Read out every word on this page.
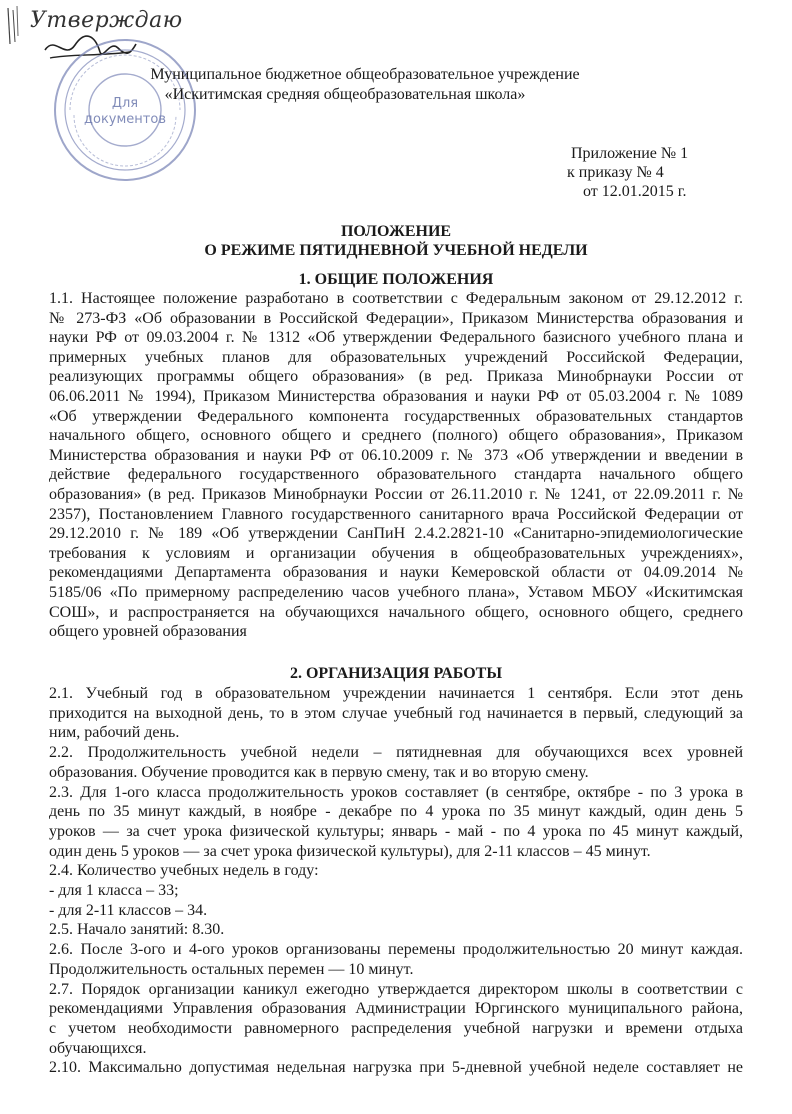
Утверждаю
Для
документов
Муниципальное бюджетное общеобразовательное учреждение
«Искитимская средняя общеобразовательная школа»
Приложение № 1
к приказу № 4
от 12.01.2015 г.
ПОЛОЖЕНИЕ
О РЕЖИМЕ ПЯТИДНЕВНОЙ УЧЕБНОЙ НЕДЕЛИ
1. ОБЩИЕ ПОЛОЖЕНИЯ
1.1. Настоящее положение разработано в соответствии с Федеральным законом от 29.12.2012 г.
№ 273-ФЗ «Об образовании в Российской Федерации», Приказом Министерства образования и
науки РФ от 09.03.2004 г. № 1312 «Об утверждении Федерального базисного учебного плана и
примерных учебных планов для образовательных учреждений Российской Федерации,
реализующих программы общего образования» (в ред. Приказа Минобрнауки России от
06.06.2011 № 1994), Приказом Министерства образования и науки РФ от 05.03.2004 г. № 1089
«Об утверждении Федерального компонента государственных образовательных стандартов
начального общего, основного общего и среднего (полного) общего образования», Приказом
Министерства образования и науки РФ от 06.10.2009 г. № 373 «Об утверждении и введении в
действие федерального государственного образовательного стандарта начального общего
образования» (в ред. Приказов Минобрнауки России от 26.11.2010 г. № 1241, от 22.09.2011 г. №
2357), Постановлением Главного государственного санитарного врача Российской Федерации от
29.12.2010 г. № 189 «Об утверждении СанПиН 2.4.2.2821-10 «Санитарно-эпидемиологические
требования к условиям и организации обучения в общеобразовательных учреждениях»,
рекомендациями Департамента образования и науки Кемеровской области от 04.09.2014 №
5185/06 «По примерному распределению часов учебного плана», Уставом МБОУ «Искитимская
СОШ», и распространяется на обучающихся начального общего, основного общего, среднего
общего уровней образования
2. ОРГАНИЗАЦИЯ РАБОТЫ
2.1. Учебный год в образовательном учреждении начинается 1 сентября. Если этот день
приходится на выходной день, то в этом случае учебный год начинается в первый, следующий за
ним, рабочий день.
2.2. Продолжительность учебной недели – пятидневная для обучающихся всех уровней
образования. Обучение проводится как в первую смену, так и во вторую смену.
2.3. Для 1-ого класса продолжительность уроков составляет (в сентябре, октябре - по 3 урока в
день по 35 минут каждый, в ноябре - декабре по 4 урока по 35 минут каждый, один день 5
уроков — за счет урока физической культуры; январь - май - по 4 урока по 45 минут каждый,
один день 5 уроков — за счет урока физической культуры), для 2-11 классов – 45 минут.
2.4. Количество учебных недель в году:
- для 1 класса – 33;
- для 2-11 классов – 34.
2.5. Начало занятий: 8.30.
2.6. После 3-ого и 4-ого уроков организованы перемены продолжительностью 20 минут каждая.
Продолжительность остальных перемен — 10 минут.
2.7. Порядок организации каникул ежегодно утверждается директором школы в соответствии с
рекомендациями Управления образования Администрации Юргинского муниципального района,
с учетом необходимости равномерного распределения учебной нагрузки и времени отдыха
обучающихся.
2.10. Максимально допустимая недельная нагрузка при 5-дневной учебной неделе составляет не
